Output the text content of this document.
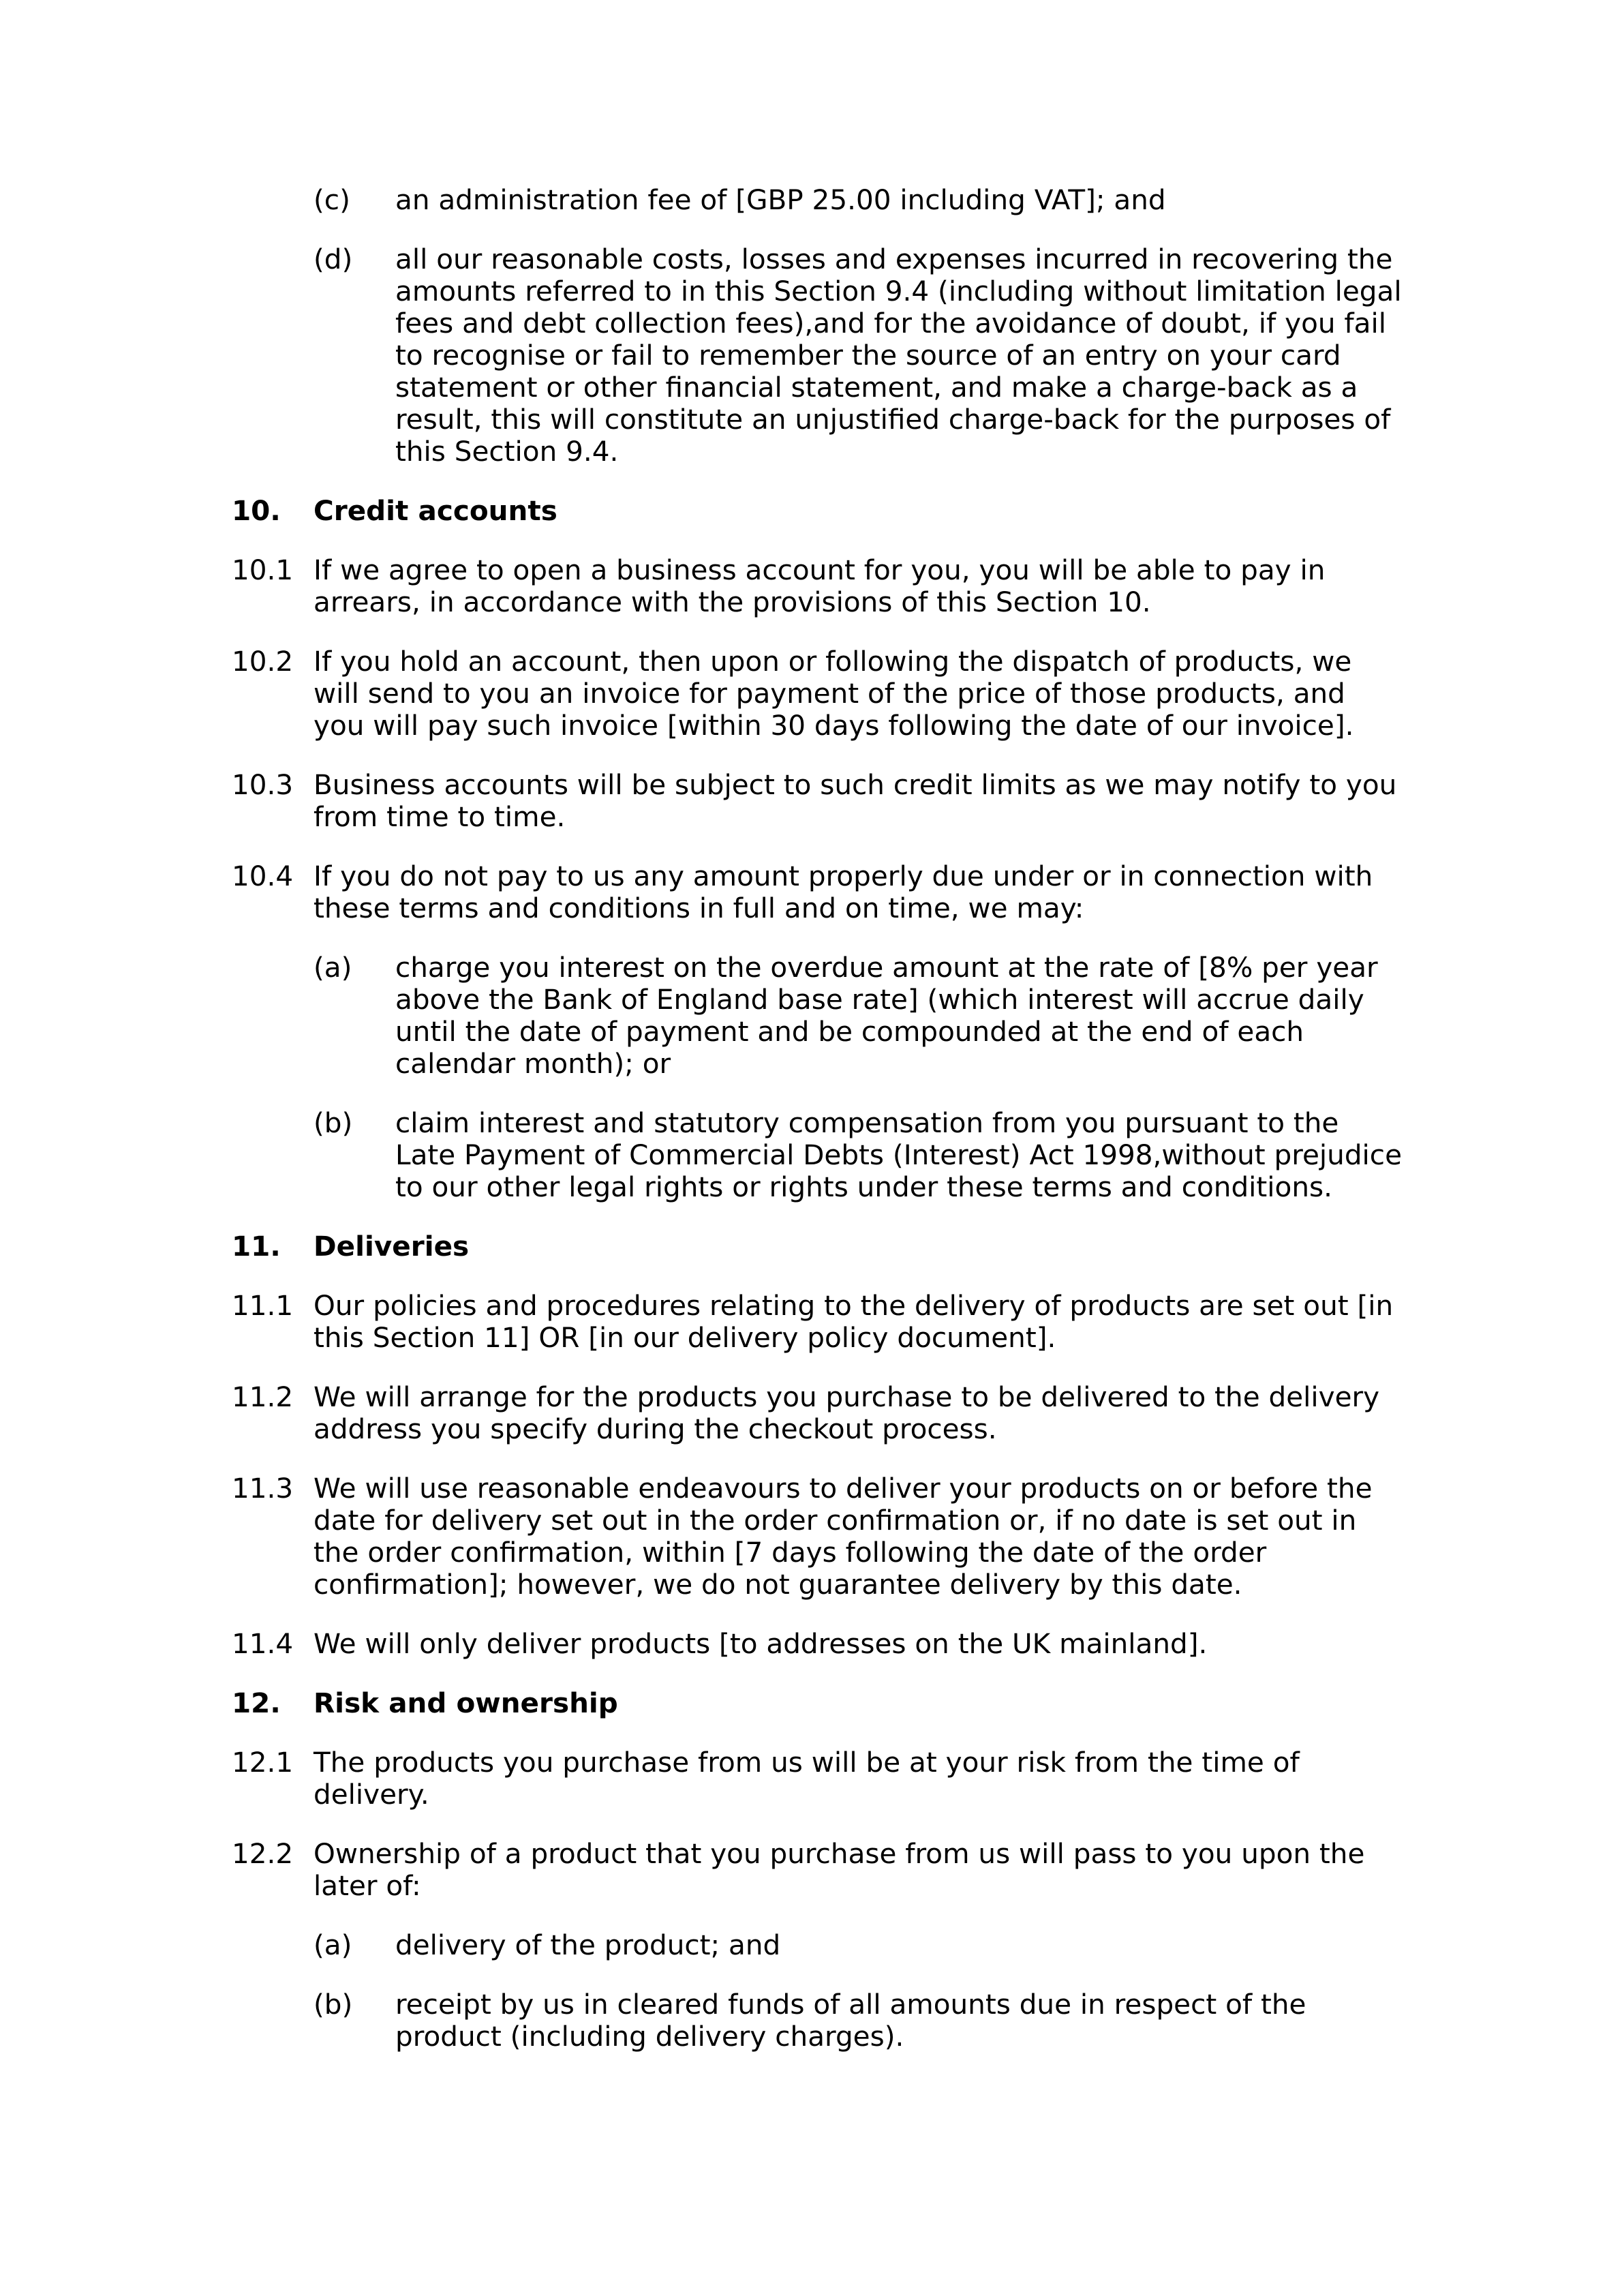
(c)	an administration fee of [GBP 25.00 including VAT]; and
(d)	all our reasonable costs, losses and expenses incurred in recovering the amounts referred to in this Section 9.4 (including without limitation legal fees and debt collection fees),and for the avoidance of doubt, if you fail to recognise or fail to remember the source of an entry on your card statement or other financial statement, and make a charge-back as a result, this will constitute an unjustified charge-back for the purposes of this Section 9.4.
10.	Credit accounts
10.1 If we agree to open a business account for you, you will be able to pay in arrears, in accordance with the provisions of this Section 10.
10.2 If you hold an account, then upon or following the dispatch of products, we will send to you an invoice for payment of the price of those products, and you will pay such invoice [within 30 days following the date of our invoice].
10.3 Business accounts will be subject to such credit limits as we may notify to you from time to time.
10.4 If you do not pay to us any amount properly due under or in connection with these terms and conditions in full and on time, we may:
(a)	charge you interest on the overdue amount at the rate of [8% per year above the Bank of England base rate] (which interest will accrue daily until the date of payment and be compounded at the end of each calendar month); or
(b)	claim interest and statutory compensation from you pursuant to the Late Payment of Commercial Debts (Interest) Act 1998,without prejudice to our other legal rights or rights under these terms and conditions.
11.	Deliveries
11.1 Our policies and procedures relating to the delivery of products are set out [in this Section 11] OR [in our delivery policy document].
11.2 We will arrange for the products you purchase to be delivered to the delivery address you specify during the checkout process.
11.3 We will use reasonable endeavours to deliver your products on or before the date for delivery set out in the order confirmation or, if no date is set out in the order confirmation, within [7 days following the date of the order confirmation]; however, we do not guarantee delivery by this date.
11.4 We will only deliver products [to addresses on the UK mainland].
12.	Risk and ownership
12.1 The products you purchase from us will be at your risk from the time of delivery.
12.2 Ownership of a product that you purchase from us will pass to you upon the later of:
(a)	delivery of the product; and
(b)	receipt by us in cleared funds of all amounts due in respect of the product (including delivery charges).
